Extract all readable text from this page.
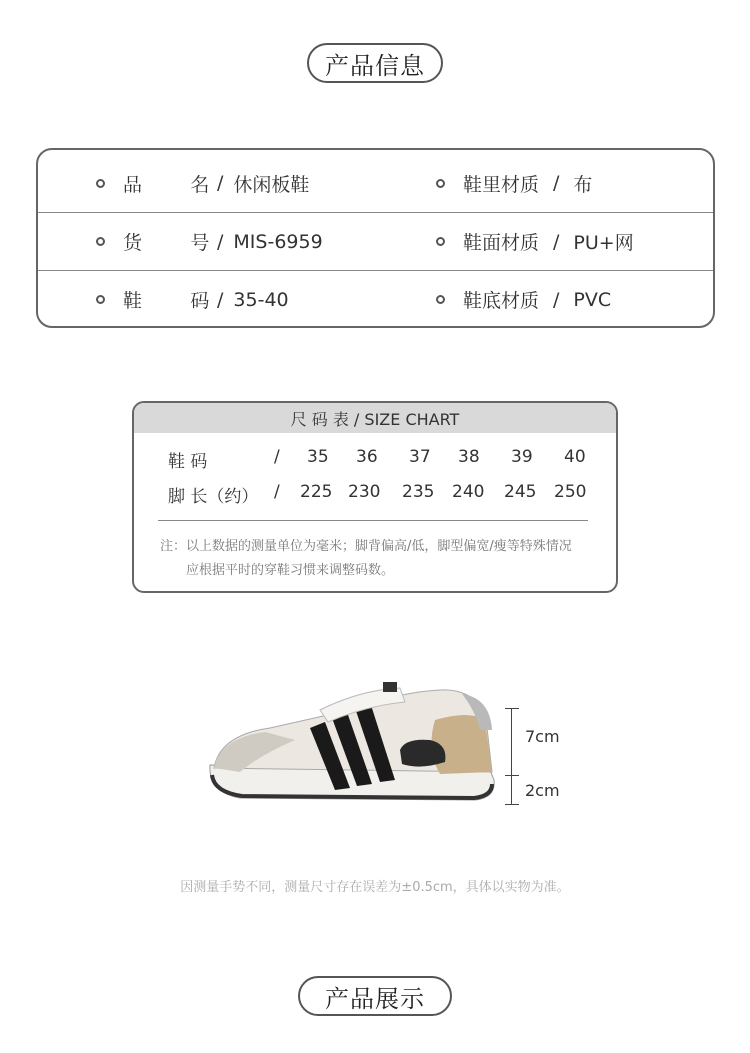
产品信息
品        名 / 休闲板鞋	鞋里材质 / 布
货        号 / MIS-6959	鞋面材质 / PU+网
鞋        码 / 35-40	鞋底材质 / PVC
尺 码 表 / SIZE CHART
鞋 码	/ 35 36 37 38 39 40
脚 长（约） / 225 230 235 240 245 250
注：以上数据的测量单位为毫米；脚背偏高/低，脚型偏宽/瘦等特殊情况
应根据平时的穿鞋习惯来调整码数。
7cm
2cm
因测量手势不同，测量尺寸存在误差为±0.5cm，具体以实物为准。
产品展示
